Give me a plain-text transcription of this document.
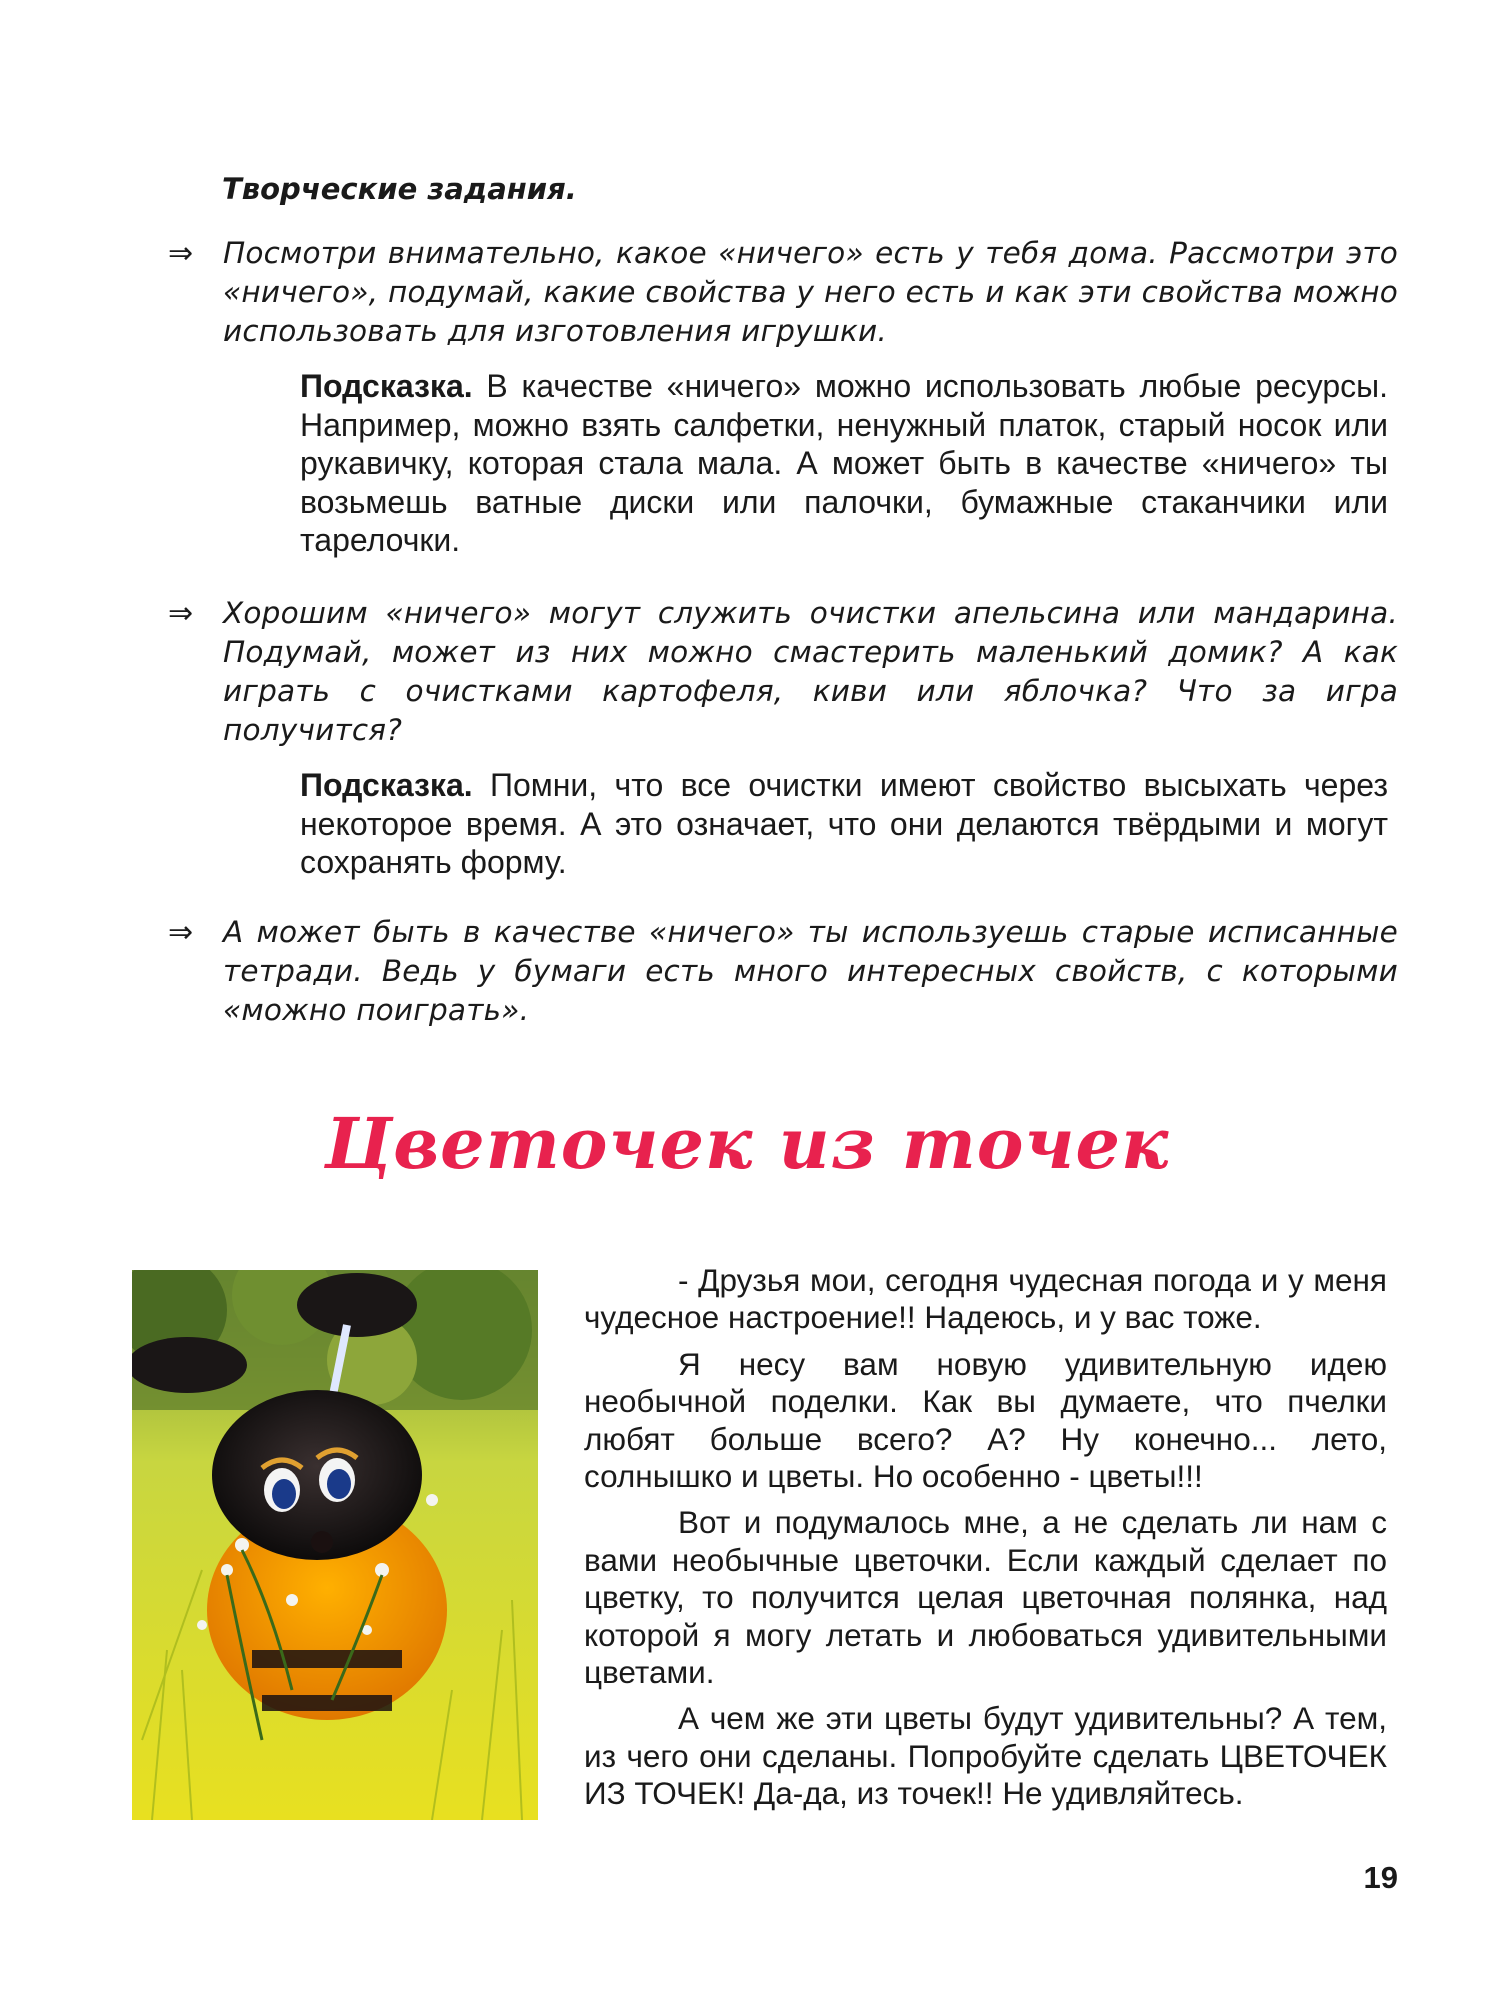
Творческие задания.
⇒	Посмотри внимательно, какое «ничего» есть у тебя дома. Рассмотри это «ничего», подумай, какие свойства у него есть и как эти свойства можно использовать для изготовления игрушки.

Подсказка. В качестве «ничего» можно использовать любые ресурсы. Например, можно взять салфетки, ненужный платок, старый носок или рукавичку, которая стала мала. А может быть в качестве «ничего» ты возьмешь ватные диски или палочки, бумажные стаканчики или тарелочки.

⇒	Хорошим «ничего» могут служить очистки апельсина или мандарина. Подумай, может из них можно смастерить маленький домик? А как играть с очистками картофеля, киви или яблочка? Что за игра получится?

Подсказка. Помни, что все очистки имеют свойство высыхать через некоторое время. А это означает, что они делаются твёрдыми и могут сохранять форму.

⇒	А может быть в качестве «ничего» ты используешь старые исписанные тетради. Ведь у бумаги есть много интересных свойств, с которыми «можно поиграть».

Цветочек из точек

- Друзья мои, сегодня чудесная погода и у меня чудесное настроение!! Надеюсь, и у вас тоже.

Я несу вам новую удивительную идею необычной поделки. Как вы думаете, что пчелки любят больше всего? А? Ну конечно... лето, солнышко и цветы. Но особенно - цветы!!!

Вот и подумалось мне, а не сделать ли нам с вами необычные цветочки. Если каждый сделает по цветку, то получится целая цветочная полянка, над которой я могу летать и любоваться удивительными цветами.

А чем же эти цветы будут удивительны? А тем, из чего они сделаны. Попробуйте сделать ЦВЕТОЧЕК ИЗ ТОЧЕК! Да-да, из точек!! Не удивляйтесь.

19
